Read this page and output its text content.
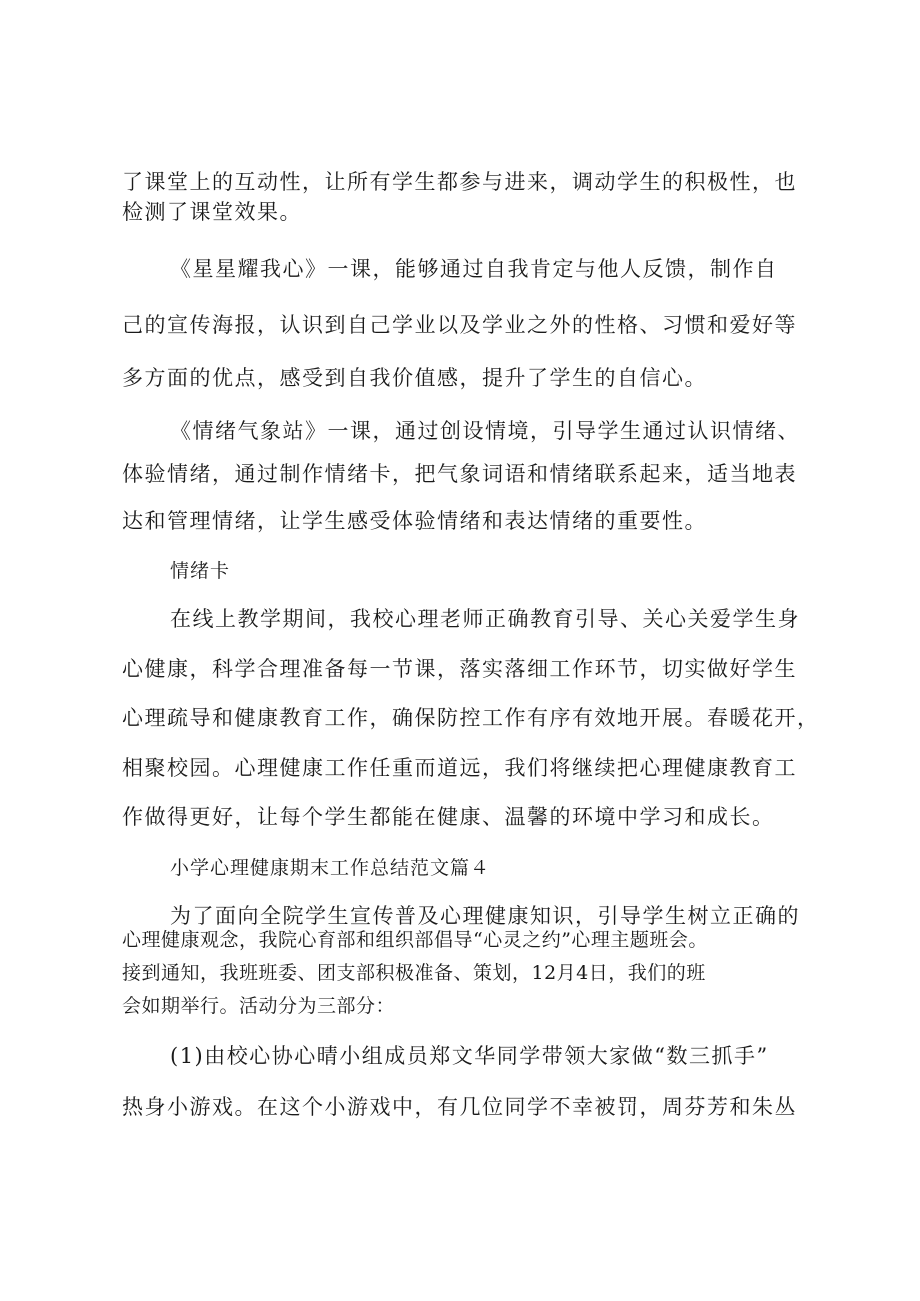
了课堂上的互动性，让所有学生都参与进来，调动学生的积极性，也

检测了课堂效果。

《星星耀我心》一课，能够通过自我肯定与他人反馈，制作自

己的宣传海报，认识到自己学业以及学业之外的性格、习惯和爱好等

多方面的优点，感受到自我价值感，提升了学生的自信心。

《情绪气象站》一课，通过创设情境，引导学生通过认识情绪、

体验情绪，通过制作情绪卡，把气象词语和情绪联系起来，适当地表

达和管理情绪，让学生感受体验情绪和表达情绪的重要性。

情绪卡

在线上教学期间，我校心理老师正确教育引导、关心关爱学生身

心健康，科学合理准备每一节课，落实落细工作环节，切实做好学生

心理疏导和健康教育工作，确保防控工作有序有效地开展。春暖花开，

相聚校园。心理健康工作任重而道远，我们将继续把心理健康教育工

作做得更好，让每个学生都能在健康、温馨的环境中学习和成长。

小学心理健康期末工作总结范文篇４

为了面向全院学生宣传普及心理健康知识，引导学生树立正确的

心理健康观念，我院心育部和组织部倡导“心灵之约”心理主题班会。

接到通知，我班班委、团支部积极准备、策划，12月4日，我们的班

会如期举行。活动分为三部分：

(1)由校心协心晴小组成员郑文华同学带领大家做“数三抓手”

热身小游戏。在这个小游戏中，有几位同学不幸被罚，周芬芳和朱丛
